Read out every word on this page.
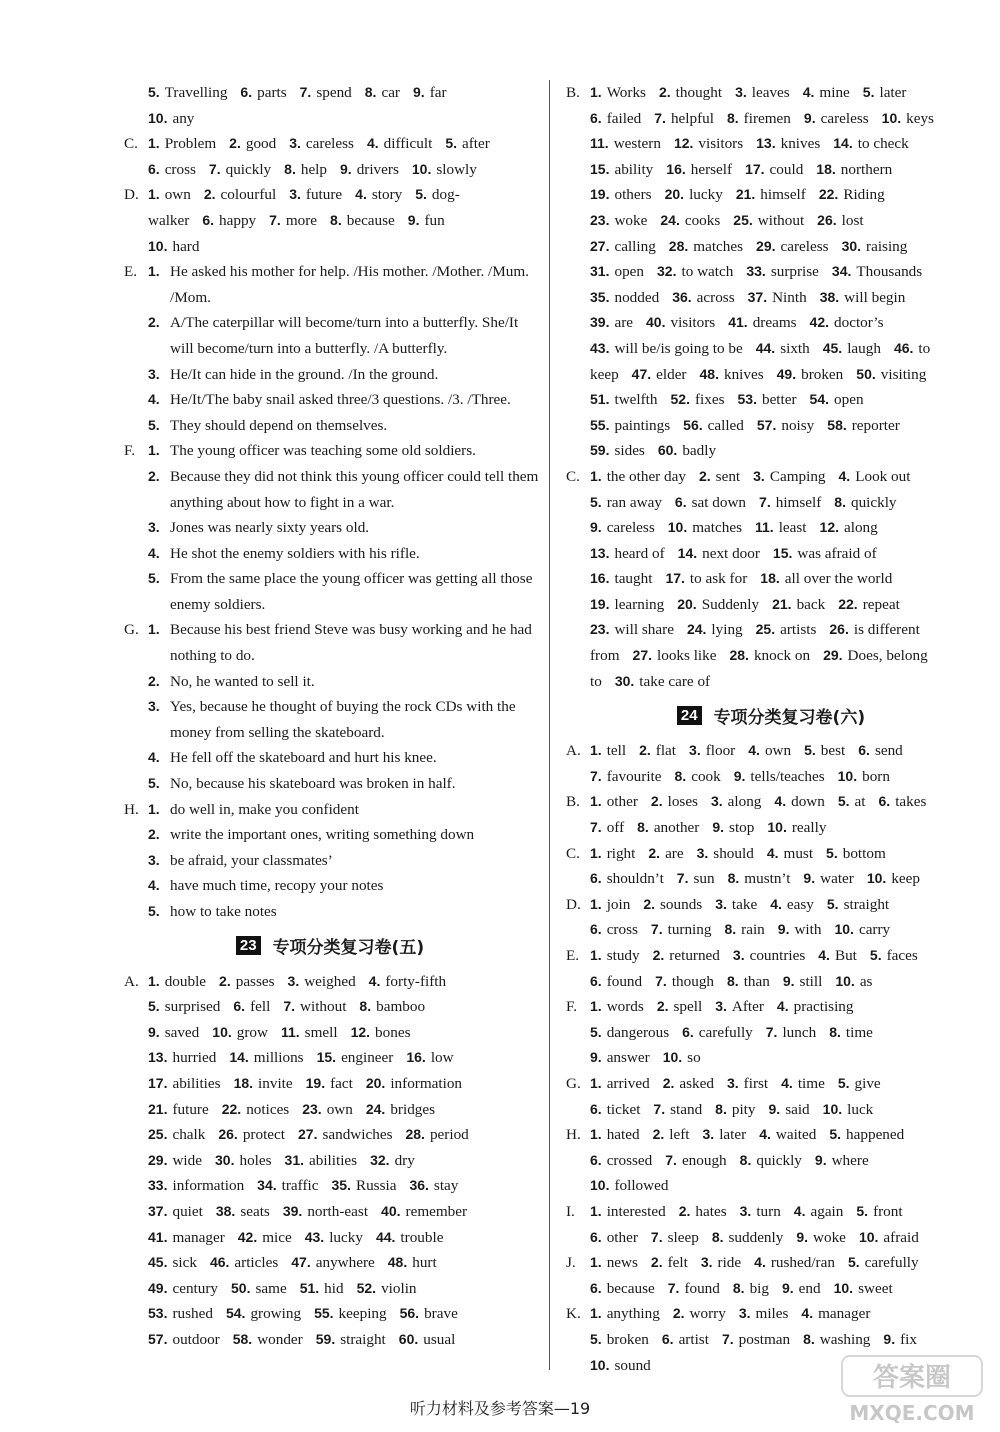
5. Travelling 6. parts 7. spend 8. car 9. far
10. any
C. 1. Problem 2. good 3. careless 4. difficult 5. after
6. cross 7. quickly 8. help 9. drivers 10. slowly
D. 1. own 2. colourful 3. future 4. story 5. dog-
walker 6. happy 7. more 8. because 9. fun
10. hard
E. 1. He asked his mother for help. /His mother. /Mother. /Mum. /Mom.
2. A/The caterpillar will become/turn into a butterfly. She/It will become/turn into a butterfly. /A butterfly.
3. He/It can hide in the ground. /In the ground.
4. He/It/The baby snail asked three/3 questions. /3. /Three.
5. They should depend on themselves.
F. 1. The young officer was teaching some old soldiers.
2. Because they did not think this young officer could tell them anything about how to fight in a war.
3. Jones was nearly sixty years old.
4. He shot the enemy soldiers with his rifle.
5. From the same place the young officer was getting all those enemy soldiers.
G. 1. Because his best friend Steve was busy working and he had nothing to do.
2. No, he wanted to sell it.
3. Yes, because he thought of buying the rock CDs with the money from selling the skateboard.
4. He fell off the skateboard and hurt his knee.
5. No, because his skateboard was broken in half.
H. 1. do well in, make you confident
2. write the important ones, writing something down
3. be afraid, your classmates’
4. have much time, recopy your notes
5. how to take notes
23 专项分类复习卷(五)
A. 1. double 2. passes 3. weighed 4. forty-fifth
5. surprised 6. fell 7. without 8. bamboo
9. saved 10. grow 11. smell 12. bones
13. hurried 14. millions 15. engineer 16. low
17. abilities 18. invite 19. fact 20. information
21. future 22. notices 23. own 24. bridges
25. chalk 26. protect 27. sandwiches 28. period
29. wide 30. holes 31. abilities 32. dry
33. information 34. traffic 35. Russia 36. stay
37. quiet 38. seats 39. north-east 40. remember
41. manager 42. mice 43. lucky 44. trouble
45. sick 46. articles 47. anywhere 48. hurt
49. century 50. same 51. hid 52. violin
53. rushed 54. growing 55. keeping 56. brave
57. outdoor 58. wonder 59. straight 60. usual
B. 1. Works 2. thought 3. leaves 4. mine 5. later
6. failed 7. helpful 8. firemen 9. careless 10. keys
11. western 12. visitors 13. knives 14. to check
15. ability 16. herself 17. could 18. northern
19. others 20. lucky 21. himself 22. Riding
23. woke 24. cooks 25. without 26. lost
27. calling 28. matches 29. careless 30. raising
31. open 32. to watch 33. surprise 34. Thousands
35. nodded 36. across 37. Ninth 38. will begin
39. are 40. visitors 41. dreams 42. doctor’s
43. will be/is going to be 44. sixth 45. laugh 46. to
keep 47. elder 48. knives 49. broken 50. visiting
51. twelfth 52. fixes 53. better 54. open
55. paintings 56. called 57. noisy 58. reporter
59. sides 60. badly
C. 1. the other day 2. sent 3. Camping 4. Look out
5. ran away 6. sat down 7. himself 8. quickly
9. careless 10. matches 11. least 12. along
13. heard of 14. next door 15. was afraid of
16. taught 17. to ask for 18. all over the world
19. learning 20. Suddenly 21. back 22. repeat
23. will share 24. lying 25. artists 26. is different
from 27. looks like 28. knock on 29. Does, belong
to 30. take care of
24 专项分类复习卷(六)
A. 1. tell 2. flat 3. floor 4. own 5. best 6. send
7. favourite 8. cook 9. tells/teaches 10. born
B. 1. other 2. loses 3. along 4. down 5. at 6. takes
7. off 8. another 9. stop 10. really
C. 1. right 2. are 3. should 4. must 5. bottom
6. shouldn’t 7. sun 8. mustn’t 9. water 10. keep
D. 1. join 2. sounds 3. take 4. easy 5. straight
6. cross 7. turning 8. rain 9. with 10. carry
E. 1. study 2. returned 3. countries 4. But 5. faces
6. found 7. though 8. than 9. still 10. as
F. 1. words 2. spell 3. After 4. practising
5. dangerous 6. carefully 7. lunch 8. time
9. answer 10. so
G. 1. arrived 2. asked 3. first 4. time 5. give
6. ticket 7. stand 8. pity 9. said 10. luck
H. 1. hated 2. left 3. later 4. waited 5. happened
6. crossed 7. enough 8. quickly 9. where
10. followed
I. 1. interested 2. hates 3. turn 4. again 5. front
6. other 7. sleep 8. suddenly 9. woke 10. afraid
J. 1. news 2. felt 3. ride 4. rushed/ran 5. carefully
6. because 7. found 8. big 9. end 10. sweet
K. 1. anything 2. worry 3. miles 4. manager
5. broken 6. artist 7. postman 8. washing 9. fix
10. sound
听力材料及参考答案—19
答案圈
MXQE.COM
